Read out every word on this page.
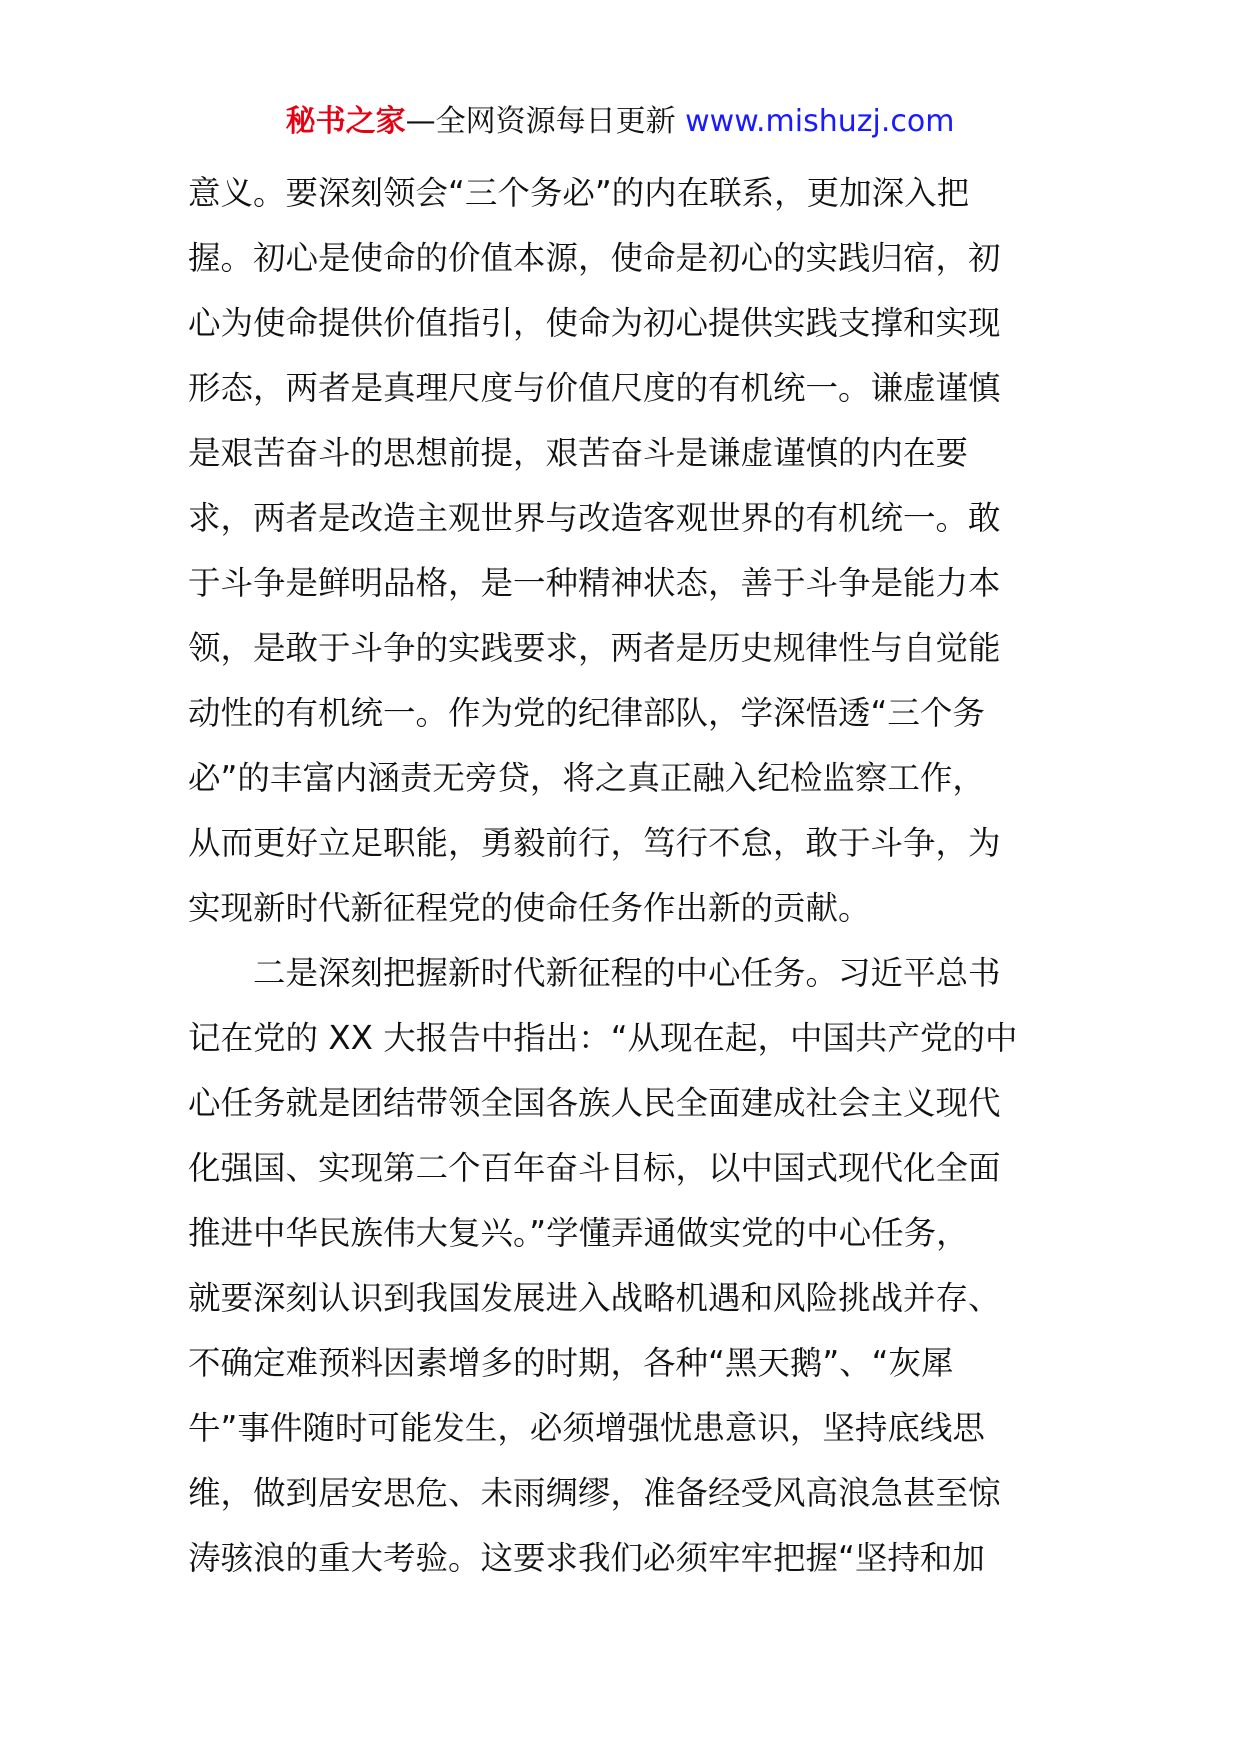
秘书之家—全网资源每日更新 www.mishuzj.com
意义。要深刻领会“三个务必”的内在联系，更加深入把
握。初心是使命的价值本源，使命是初心的实践归宿，初
心为使命提供价值指引，使命为初心提供实践支撑和实现
形态，两者是真理尺度与价值尺度的有机统一。谦虚谨慎
是艰苦奋斗的思想前提，艰苦奋斗是谦虚谨慎的内在要
求，两者是改造主观世界与改造客观世界的有机统一。敢
于斗争是鲜明品格，是一种精神状态，善于斗争是能力本
领，是敢于斗争的实践要求，两者是历史规律性与自觉能
动性的有机统一。作为党的纪律部队，学深悟透“三个务
必”的丰富内涵责无旁贷，将之真正融入纪检监察工作，
从而更好立足职能，勇毅前行，笃行不怠，敢于斗争，为
实现新时代新征程党的使命任务作出新的贡献。
二是深刻把握新时代新征程的中心任务。习近平总书
记在党的 XX 大报告中指出：“从现在起，中国共产党的中
心任务就是团结带领全国各族人民全面建成社会主义现代
化强国、实现第二个百年奋斗目标，以中国式现代化全面
推进中华民族伟大复兴。”学懂弄通做实党的中心任务，
就要深刻认识到我国发展进入战略机遇和风险挑战并存、
不确定难预料因素增多的时期，各种“黑天鹅”、“灰犀
牛”事件随时可能发生，必须增强忧患意识，坚持底线思
维，做到居安思危、未雨绸缪，准备经受风高浪急甚至惊
涛骇浪的重大考验。这要求我们必须牢牢把握“坚持和加
